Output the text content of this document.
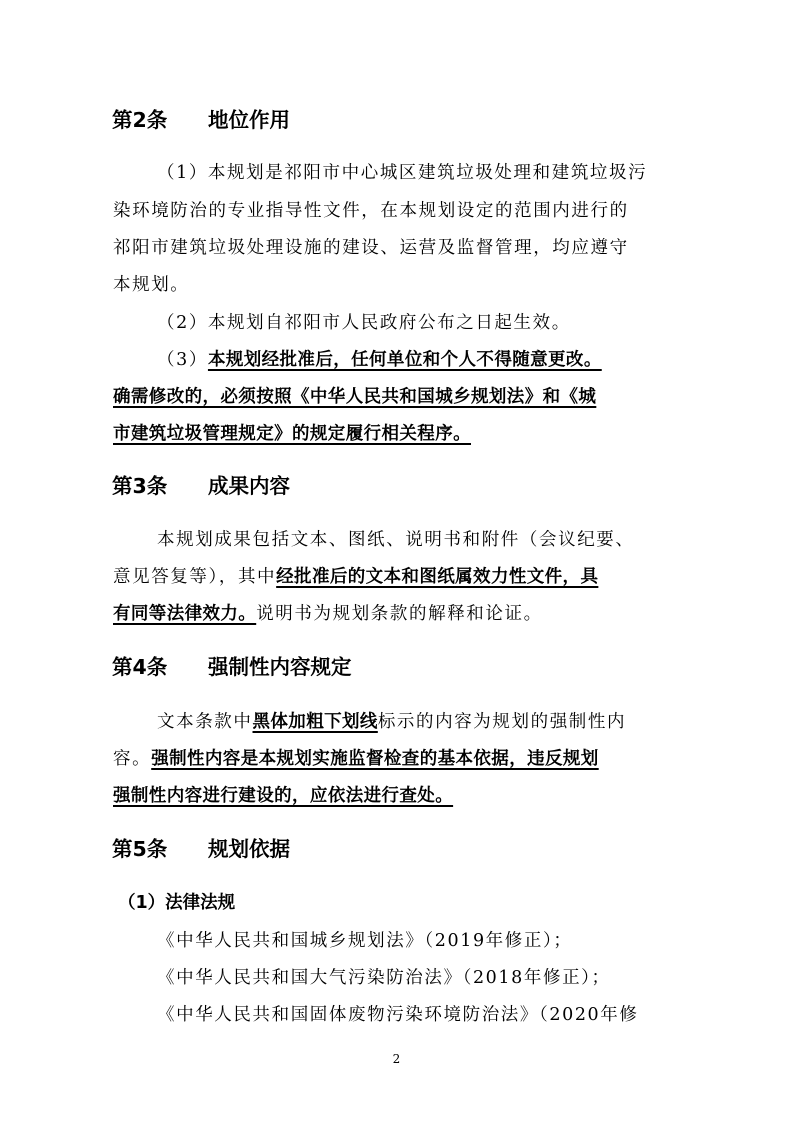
第2条 地位作用
（1）本规划是祁阳市中心城区建筑垃圾处理和建筑垃圾污
染环境防治的专业指导性文件，在本规划设定的范围内进行的
祁阳市建筑垃圾处理设施的建设、运营及监督管理，均应遵守
本规划。
（2）本规划自祁阳市人民政府公布之日起生效。
（3）本规划经批准后，任何单位和个人不得随意更改。
确需修改的，必须按照《中华人民共和国城乡规划法》和《城
市建筑垃圾管理规定》的规定履行相关程序。
第3条 成果内容
本规划成果包括文本、图纸、说明书和附件（会议纪要、
意见答复等），其中经批准后的文本和图纸属效力性文件，具
有同等法律效力。说明书为规划条款的解释和论证。
第4条 强制性内容规定
文本条款中黑体加粗下划线标示的内容为规划的强制性内
容。强制性内容是本规划实施监督检查的基本依据，违反规划
强制性内容进行建设的，应依法进行查处。
第5条 规划依据
（1）法律法规
《中华人民共和国城乡规划法》（2019年修正）；
《中华人民共和国大气污染防治法》（2018年修正）；
《中华人民共和国固体废物污染环境防治法》（2020年修
2
